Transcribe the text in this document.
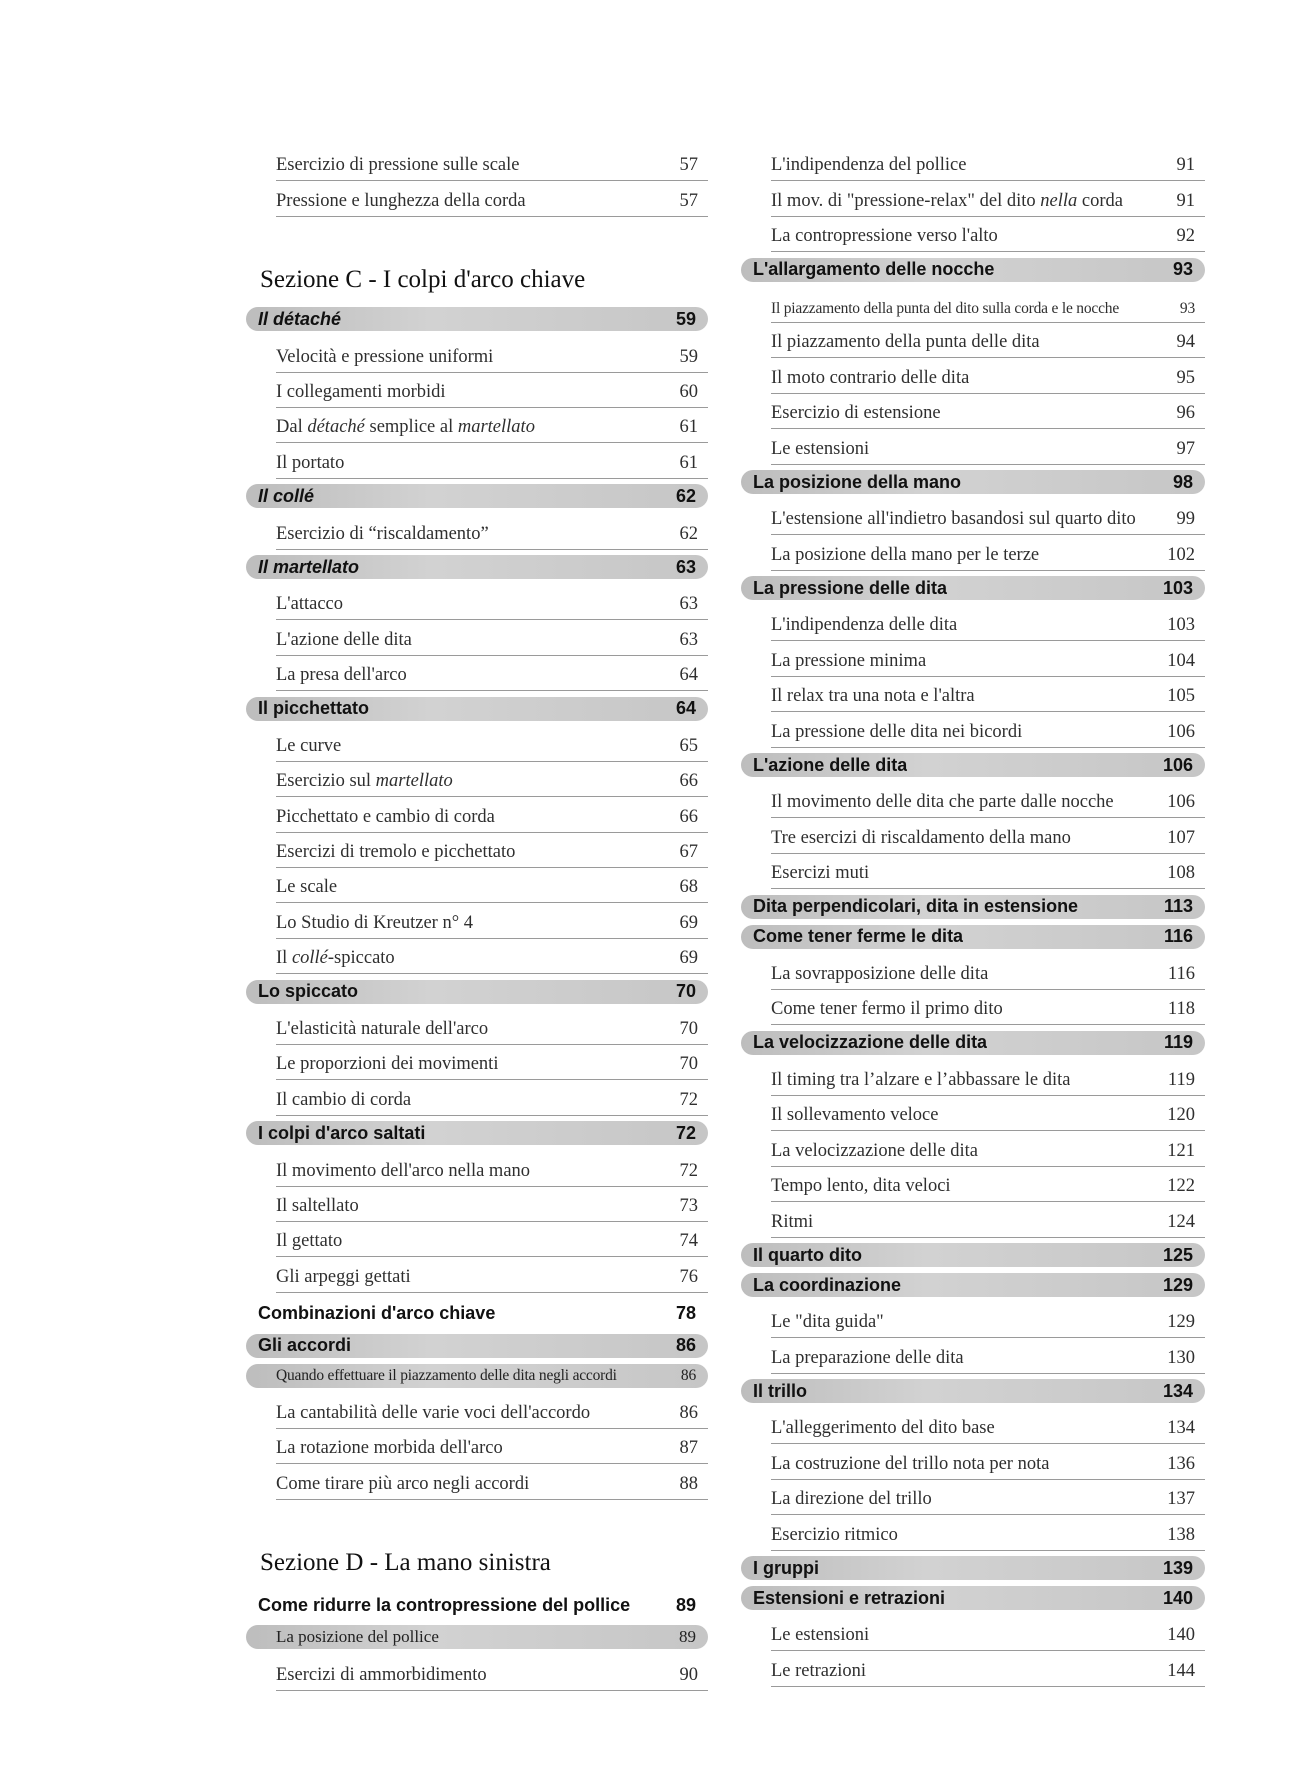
Esercizio di pressione sulle scale	57
Pressione e lunghezza della corda	57
Sezione C - I colpi d'arco chiave
Il détaché	59
Velocità e pressione uniformi	59
I collegamenti morbidi	60
Dal détaché semplice al martellato	61
Il portato	61
Il collé	62
Esercizio di “riscaldamento”	62
Il martellato	63
L'attacco	63
L'azione delle dita	63
La presa dell'arco	64
Il picchettato	64
Le curve	65
Esercizio sul martellato	66
Picchettato e cambio di corda	66
Esercizi di tremolo e picchettato	67
Le scale	68
Lo Studio di Kreutzer n° 4	69
Il collé-spiccato	69
Lo spiccato	70
L'elasticità naturale dell'arco	70
Le proporzioni dei movimenti	70
Il cambio di corda	72
I colpi d'arco saltati	72
Il movimento dell'arco nella mano	72
Il saltellato	73
Il gettato	74
Gli arpeggi gettati	76
Combinazioni d'arco chiave	78
Gli accordi	86
Quando effettuare il piazzamento delle dita negli accordi	86
La cantabilità delle varie voci dell'accordo	86
La rotazione morbida dell'arco	87
Come tirare più arco negli accordi	88
Sezione D - La mano sinistra
Come ridurre la contropressione del pollice	89
La posizione del pollice	89
Esercizi di ammorbidimento	90
L'indipendenza del pollice	91
Il mov. di "pressione-relax" del dito nella corda	91
La contropressione verso l'alto	92
L'allargamento delle nocche	93
Il piazzamento della punta del dito sulla corda e le nocche	93
Il piazzamento della punta delle dita	94
Il moto contrario delle dita	95
Esercizio di estensione	96
Le estensioni	97
La posizione della mano	98
L'estensione all'indietro basandosi sul quarto dito 99
La posizione della mano per le terze	102
La pressione delle dita	103
L'indipendenza delle dita	103
La pressione minima	104
Il relax tra una nota e l'altra	105
La pressione delle dita nei bicordi	106
L'azione delle dita	106
Il movimento delle dita che parte dalle nocche	106
Tre esercizi di riscaldamento della mano	107
Esercizi muti	108
Dita perpendicolari, dita in estensione	113
Come tener ferme le dita	116
La sovrapposizione delle dita	116
Come tener fermo il primo dito	118
La velocizzazione delle dita	119
Il timing tra l’alzare e l’abbassare le dita	119
Il sollevamento veloce	120
La velocizzazione delle dita	121
Tempo lento, dita veloci	122
Ritmi	124
Il quarto dito	125
La coordinazione	129
Le "dita guida"	129
La preparazione delle dita	130
Il trillo	134
L'alleggerimento del dito base	134
La costruzione del trillo nota per nota	136
La direzione del trillo	137
Esercizio ritmico	138
I gruppi	139
Estensioni e retrazioni	140
Le estensioni	140
Le retrazioni	144
